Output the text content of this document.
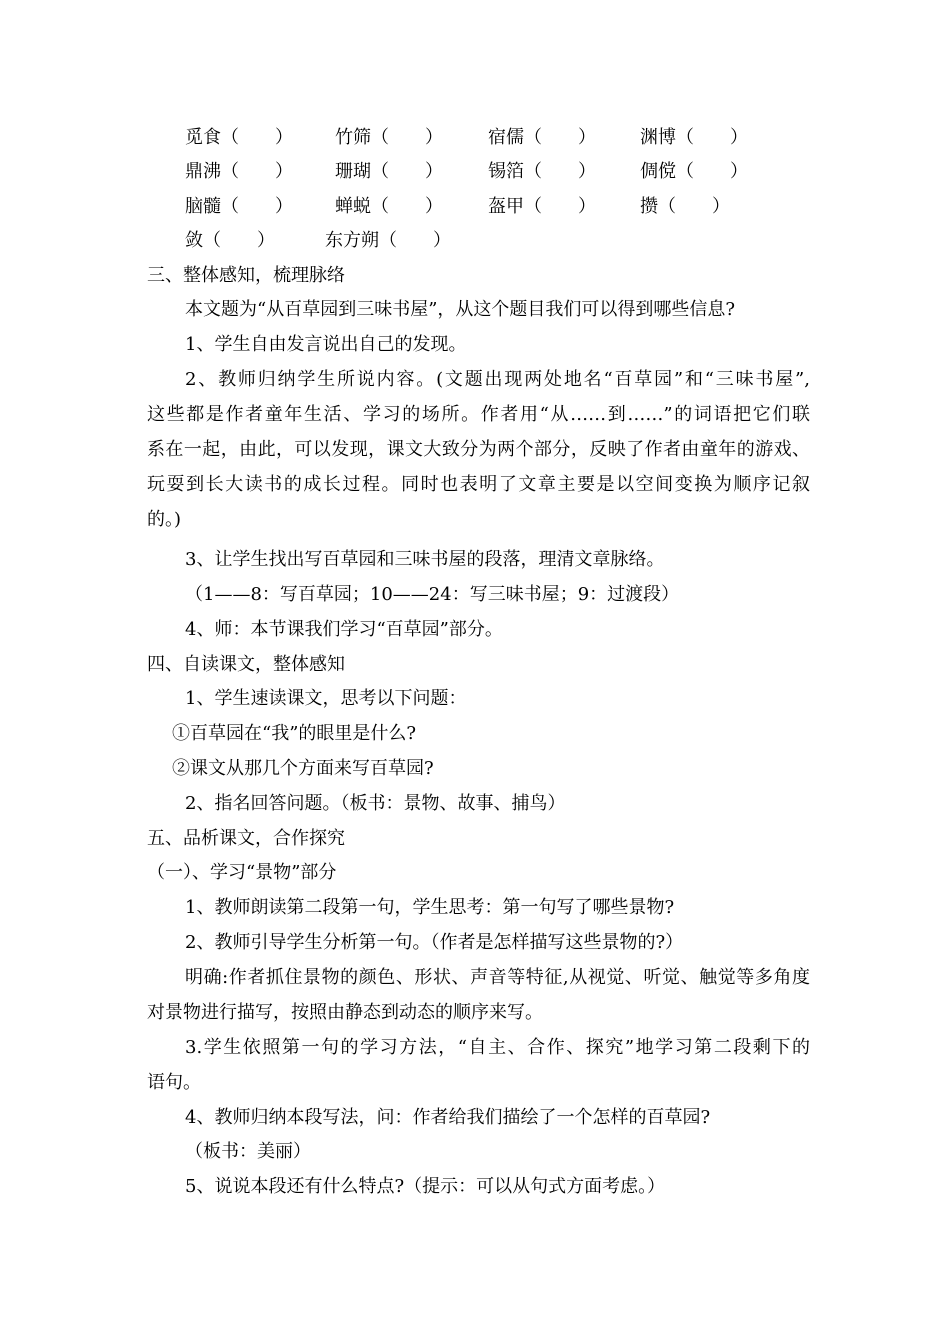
觅食（　　） 竹筛（　　）	宿儒（　　） 渊博（　　）
鼎沸（　　） 珊瑚（　　）	锡箔（　　） 倜傥（　　）
脑髓（　　） 蝉蜕（　　）	盔甲（　　） 攒（　　）
敛（　　）	东方朔（　　）
三、整体感知，梳理脉络
本文题为“从百草园到三味书屋”，从这个题目我们可以得到哪些信息?
1、学生自由发言说出自己的发现。
2、教师归纳学生所说内容。(文题出现两处地名“百草园”和“三味书屋”,
这些都是作者童年生活、学习的场所。作者用“从……到……”的词语把它们联
系在一起，由此，可以发现，课文大致分为两个部分，反映了作者由童年的游戏、
玩耍到长大读书的成长过程。同时也表明了文章主要是以空间变换为顺序记叙
的。)
3、让学生找出写百草园和三味书屋的段落，理清文章脉络。
（1——8：写百草园；10——24：写三味书屋；9：过渡段）
4、师：本节课我们学习“百草园”部分。
四、自读课文，整体感知
1、学生速读课文，思考以下问题：
①百草园在“我”的眼里是什么?
②课文从那几个方面来写百草园?
2、指名回答问题。（板书：景物、故事、捕鸟）
五、品析课文，合作探究
（一）、学习“景物”部分
1、教师朗读第二段第一句，学生思考：第一句写了哪些景物?
2、教师引导学生分析第一句。（作者是怎样描写这些景物的?）
明确:作者抓住景物的颜色、形状、声音等特征,从视觉、听觉、触觉等多角度
对景物进行描写，按照由静态到动态的顺序来写。
3.学生依照第一句的学习方法，“自主、合作、探究”地学习第二段剩下的
语句。
4、教师归纳本段写法，问：作者给我们描绘了一个怎样的百草园?
（板书：美丽）
5、说说本段还有什么特点?（提示：可以从句式方面考虑。）
